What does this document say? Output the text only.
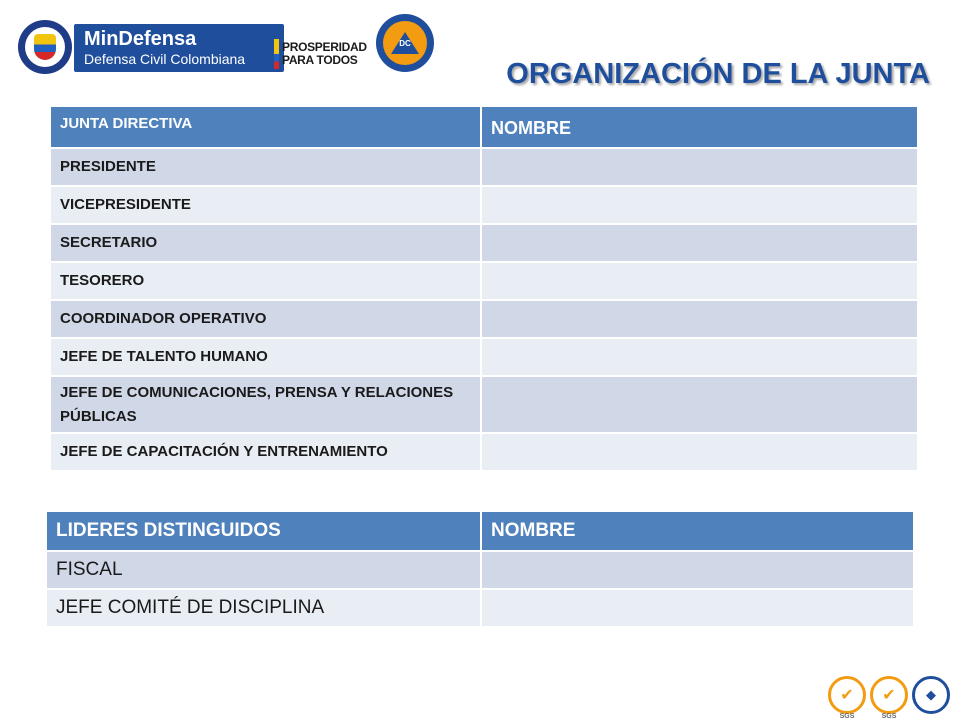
MinDefensa
Defensa Civil Colombiana
PROSPERIDAD
PARA TODOS
DC
ORGANIZACIÓN DE LA JUNTA
JUNTA DIRECTIVA	NOMBRE
PRESIDENTE	
VICEPRESIDENTE	
SECRETARIO	
TESORERO	
COORDINADOR OPERATIVO	
JEFE DE TALENTO HUMANO	
JEFE DE COMUNICACIONES, PRENSA Y RELACIONES PÚBLICAS	
JEFE DE CAPACITACIÓN Y ENTRENAMIENTO	
LIDERES DISTINGUIDOS	NOMBRE
FISCAL	
JEFE COMITÉ DE DISCIPLINA	
✔
SGS
✔
SGS
◆
